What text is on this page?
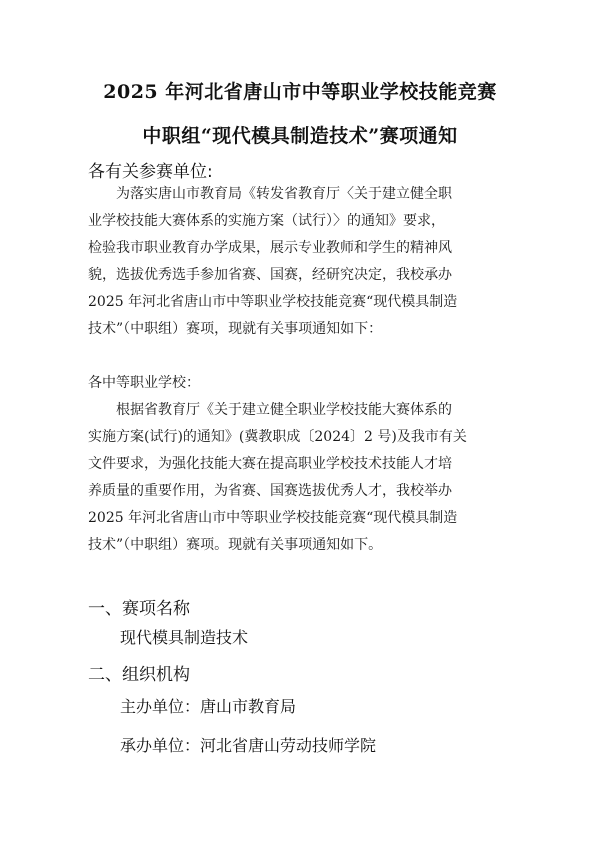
2025 年河北省唐山市中等职业学校技能竞赛
中职组“现代模具制造技术”赛项通知
各有关参赛单位:
为落实唐山市教育局《转发省教育厅〈关于建立健全职
业学校技能大赛体系的实施方案（试行）〉的通知》要求，
检验我市职业教育办学成果，展示专业教师和学生的精神风
貌，选拔优秀选手参加省赛、国赛，经研究决定，我校承办
2025 年河北省唐山市中等职业学校技能竞赛“现代模具制造
技术”（中职组）赛项，现就有关事项通知如下：
各中等职业学校：
根据省教育厅《关于建立健全职业学校技能大赛体系的
实施方案(试行)的通知》(冀教职成〔2024〕2 号)及我市有关
文件要求，为强化技能大赛在提高职业学校技术技能人才培
养质量的重要作用，为省赛、国赛选拔优秀人才，我校举办
2025 年河北省唐山市中等职业学校技能竞赛“现代模具制造
技术”（中职组）赛项。现就有关事项通知如下。
一、赛项名称
现代模具制造技术
二、组织机构
主办单位：唐山市教育局
承办单位：河北省唐山劳动技师学院
